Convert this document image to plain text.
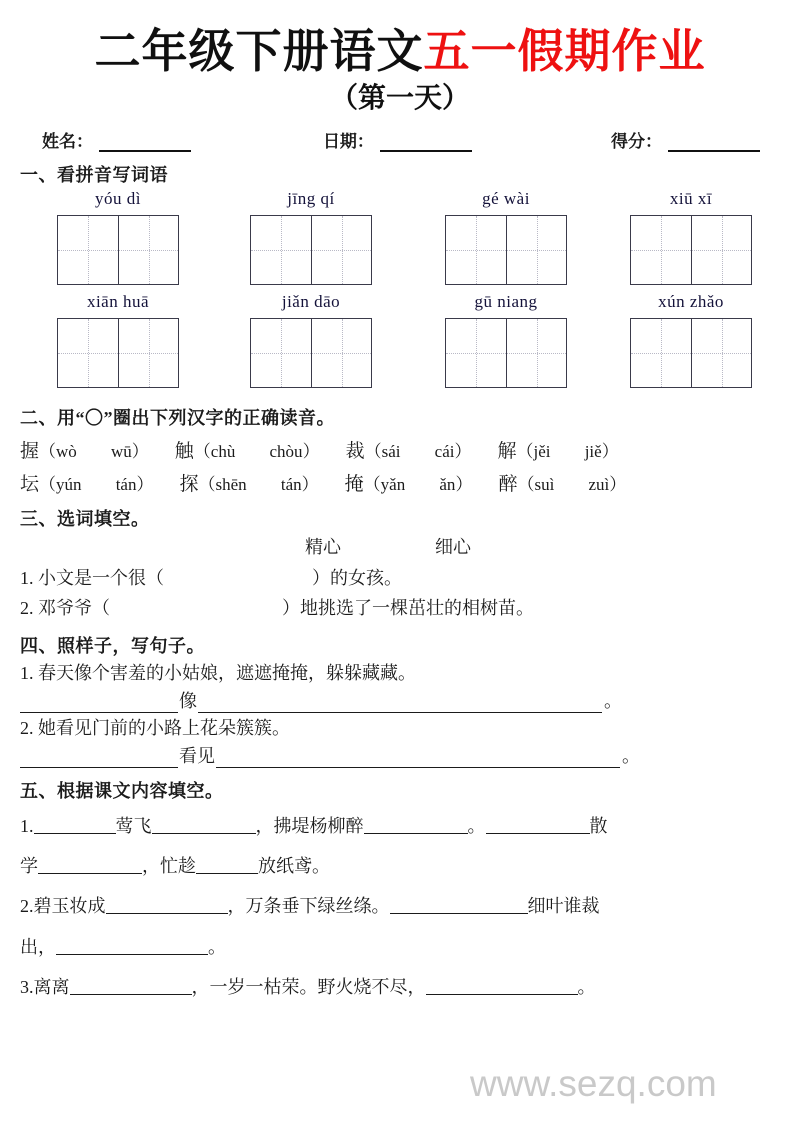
二年级下册语文五一假期作业
（第一天）
姓名：	日期：	得分：
一、看拼音写词语
yóu dì	jīng qí	gé wài	xiū xī
xiān huā	jiǎn dāo	gū niang	xún zhǎo
二、用“〇”圈出下列汉字的正确读音。
握 （ wò wū ） 触 （ chù chòu ） 裁 （ sái cái ） 解 （ jěi jiě ）
坛 （ yún tán ） 探 （ shēn tán ） 掩 （ yǎn ǎn ） 醉 （ suì zuì ）
三、选词填空。
精心	细心
1. 小文是一个很（	）的女孩。
2. 邓爷爷（	）地挑选了一棵茁壮的相树苗。
四、照样子，写句子。
1. 春天像个害羞的小姑娘，遮遮掩掩，躲躲藏藏。
像	。
2. 她看见门前的小路上花朵簇簇。
看见	。
五、根据课文内容填空。
1.	莺飞	，拂堤杨柳醉	。	散
学	，忙趁	放纸鸢。
2.碧玉妆成	，万条垂下绿丝绦。	细叶谁裁
出，	。
3.离离	，一岁一枯荣。野火烧不尽，	。
www.sezq.com
